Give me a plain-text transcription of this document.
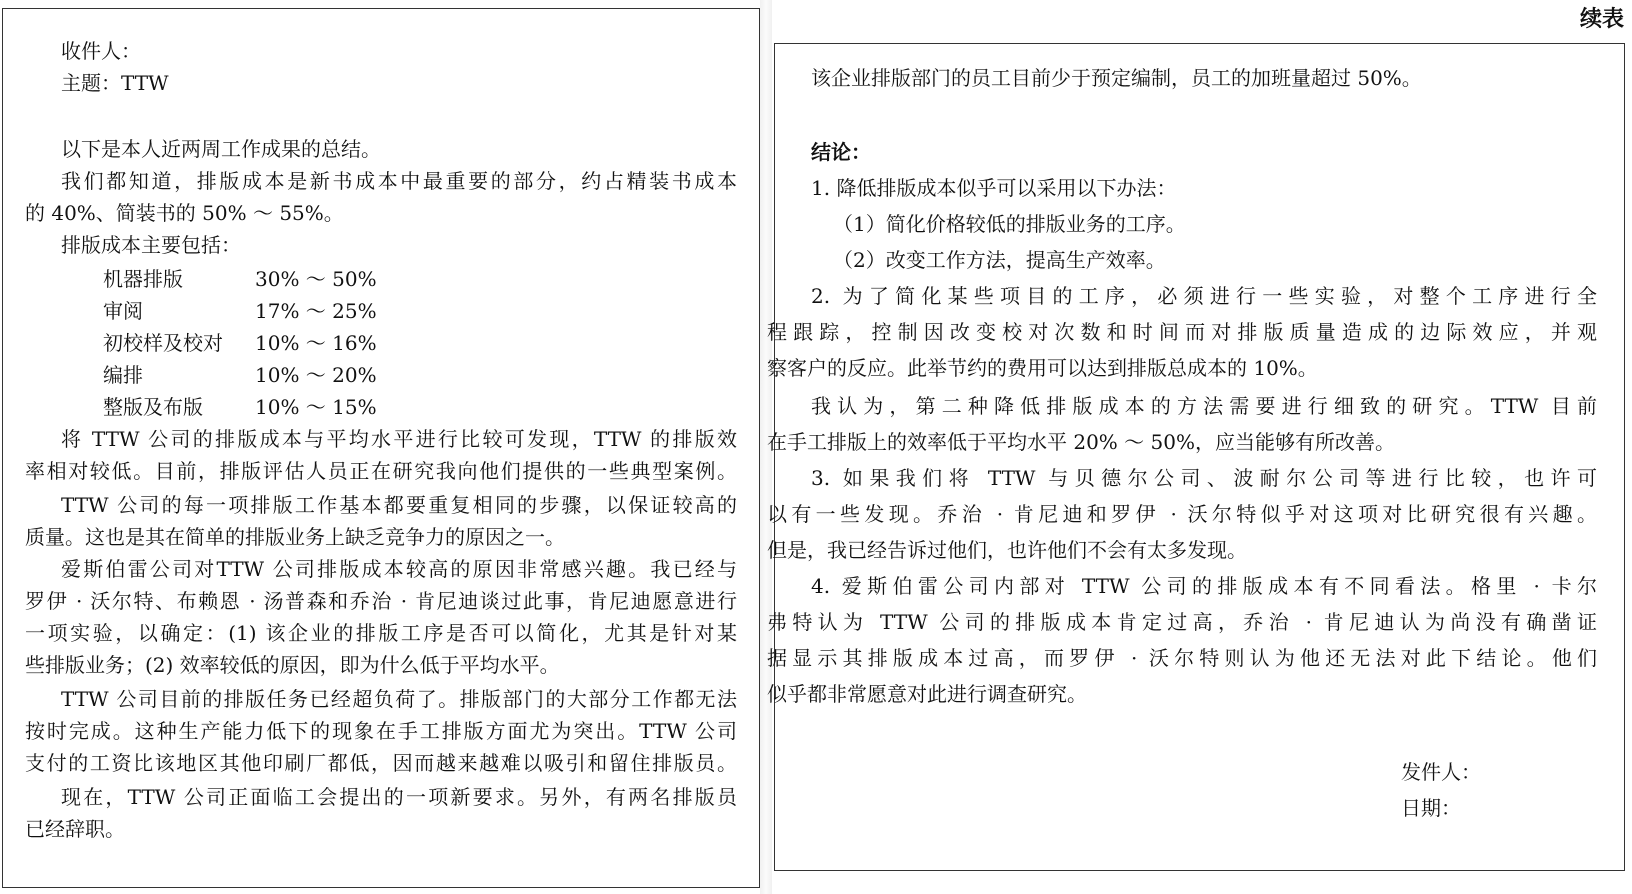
续表
收件人：
主题：TTW
以下是本人近两周工作成果的总结。
我们都知道，排版成本是新书成本中最重要的部分，约占精装书成本
的 40%、简装书的 50% ～ 55%。
排版成本主要包括：
机器排版	30% ～ 50%
审阅	17% ～ 25%
初校样及校对 10% ～ 16%
编排	10% ～ 20%
整版及布版	10% ～ 15%
将 TTW 公司的排版成本与平均水平进行比较可发现，TTW 的排版效
率相对较低。目前，排版评估人员正在研究我向他们提供的一些典型案例。
TTW 公司的每一项排版工作基本都要重复相同的步骤，以保证较高的
质量。这也是其在简单的排版业务上缺乏竞争力的原因之一。
爱斯伯雷公司对TTW 公司排版成本较高的原因非常感兴趣。我已经与
罗伊 · 沃尔特、布赖恩 · 汤普森和乔治 · 肯尼迪谈过此事，肯尼迪愿意进行
一项实验，以确定：(1) 该企业的排版工序是否可以简化，尤其是针对某
些排版业务；(2) 效率较低的原因，即为什么低于平均水平。
TTW 公司目前的排版任务已经超负荷了。排版部门的大部分工作都无法
按时完成。这种生产能力低下的现象在手工排版方面尤为突出。TTW 公司
支付的工资比该地区其他印刷厂都低，因而越来越难以吸引和留住排版员。
现在，TTW 公司正面临工会提出的一项新要求。另外，有两名排版员
已经辞职。
该企业排版部门的员工目前少于预定编制，员工的加班量超过 50%。
结论：
1. 降低排版成本似乎可以采用以下办法：
（1）简化价格较低的排版业务的工序。
（2）改变工作方法，提高生产效率。
2. 为了简化某些项目的工序，必须进行一些实验，对整个工序进行全
程跟踪，控制因改变校对次数和时间而对排版质量造成的边际效应，并观
察客户的反应。此举节约的费用可以达到排版总成本的 10%。
我认为，第二种降低排版成本的方法需要进行细致的研究。TTW 目前
在手工排版上的效率低于平均水平 20% ～ 50%，应当能够有所改善。
3. 如果我们将 TTW 与贝德尔公司、波耐尔公司等进行比较，也许可
以有一些发现。乔治 · 肯尼迪和罗伊 · 沃尔特似乎对这项对比研究很有兴趣。
但是，我已经告诉过他们，也许他们不会有太多发现。
4. 爱斯伯雷公司内部对 TTW 公司的排版成本有不同看法。格里 · 卡尔
弗特认为 TTW 公司的排版成本肯定过高，乔治 · 肯尼迪认为尚没有确凿证
据显示其排版成本过高，而罗伊 · 沃尔特则认为他还无法对此下结论。他们
似乎都非常愿意对此进行调查研究。
发件人：
日期：
